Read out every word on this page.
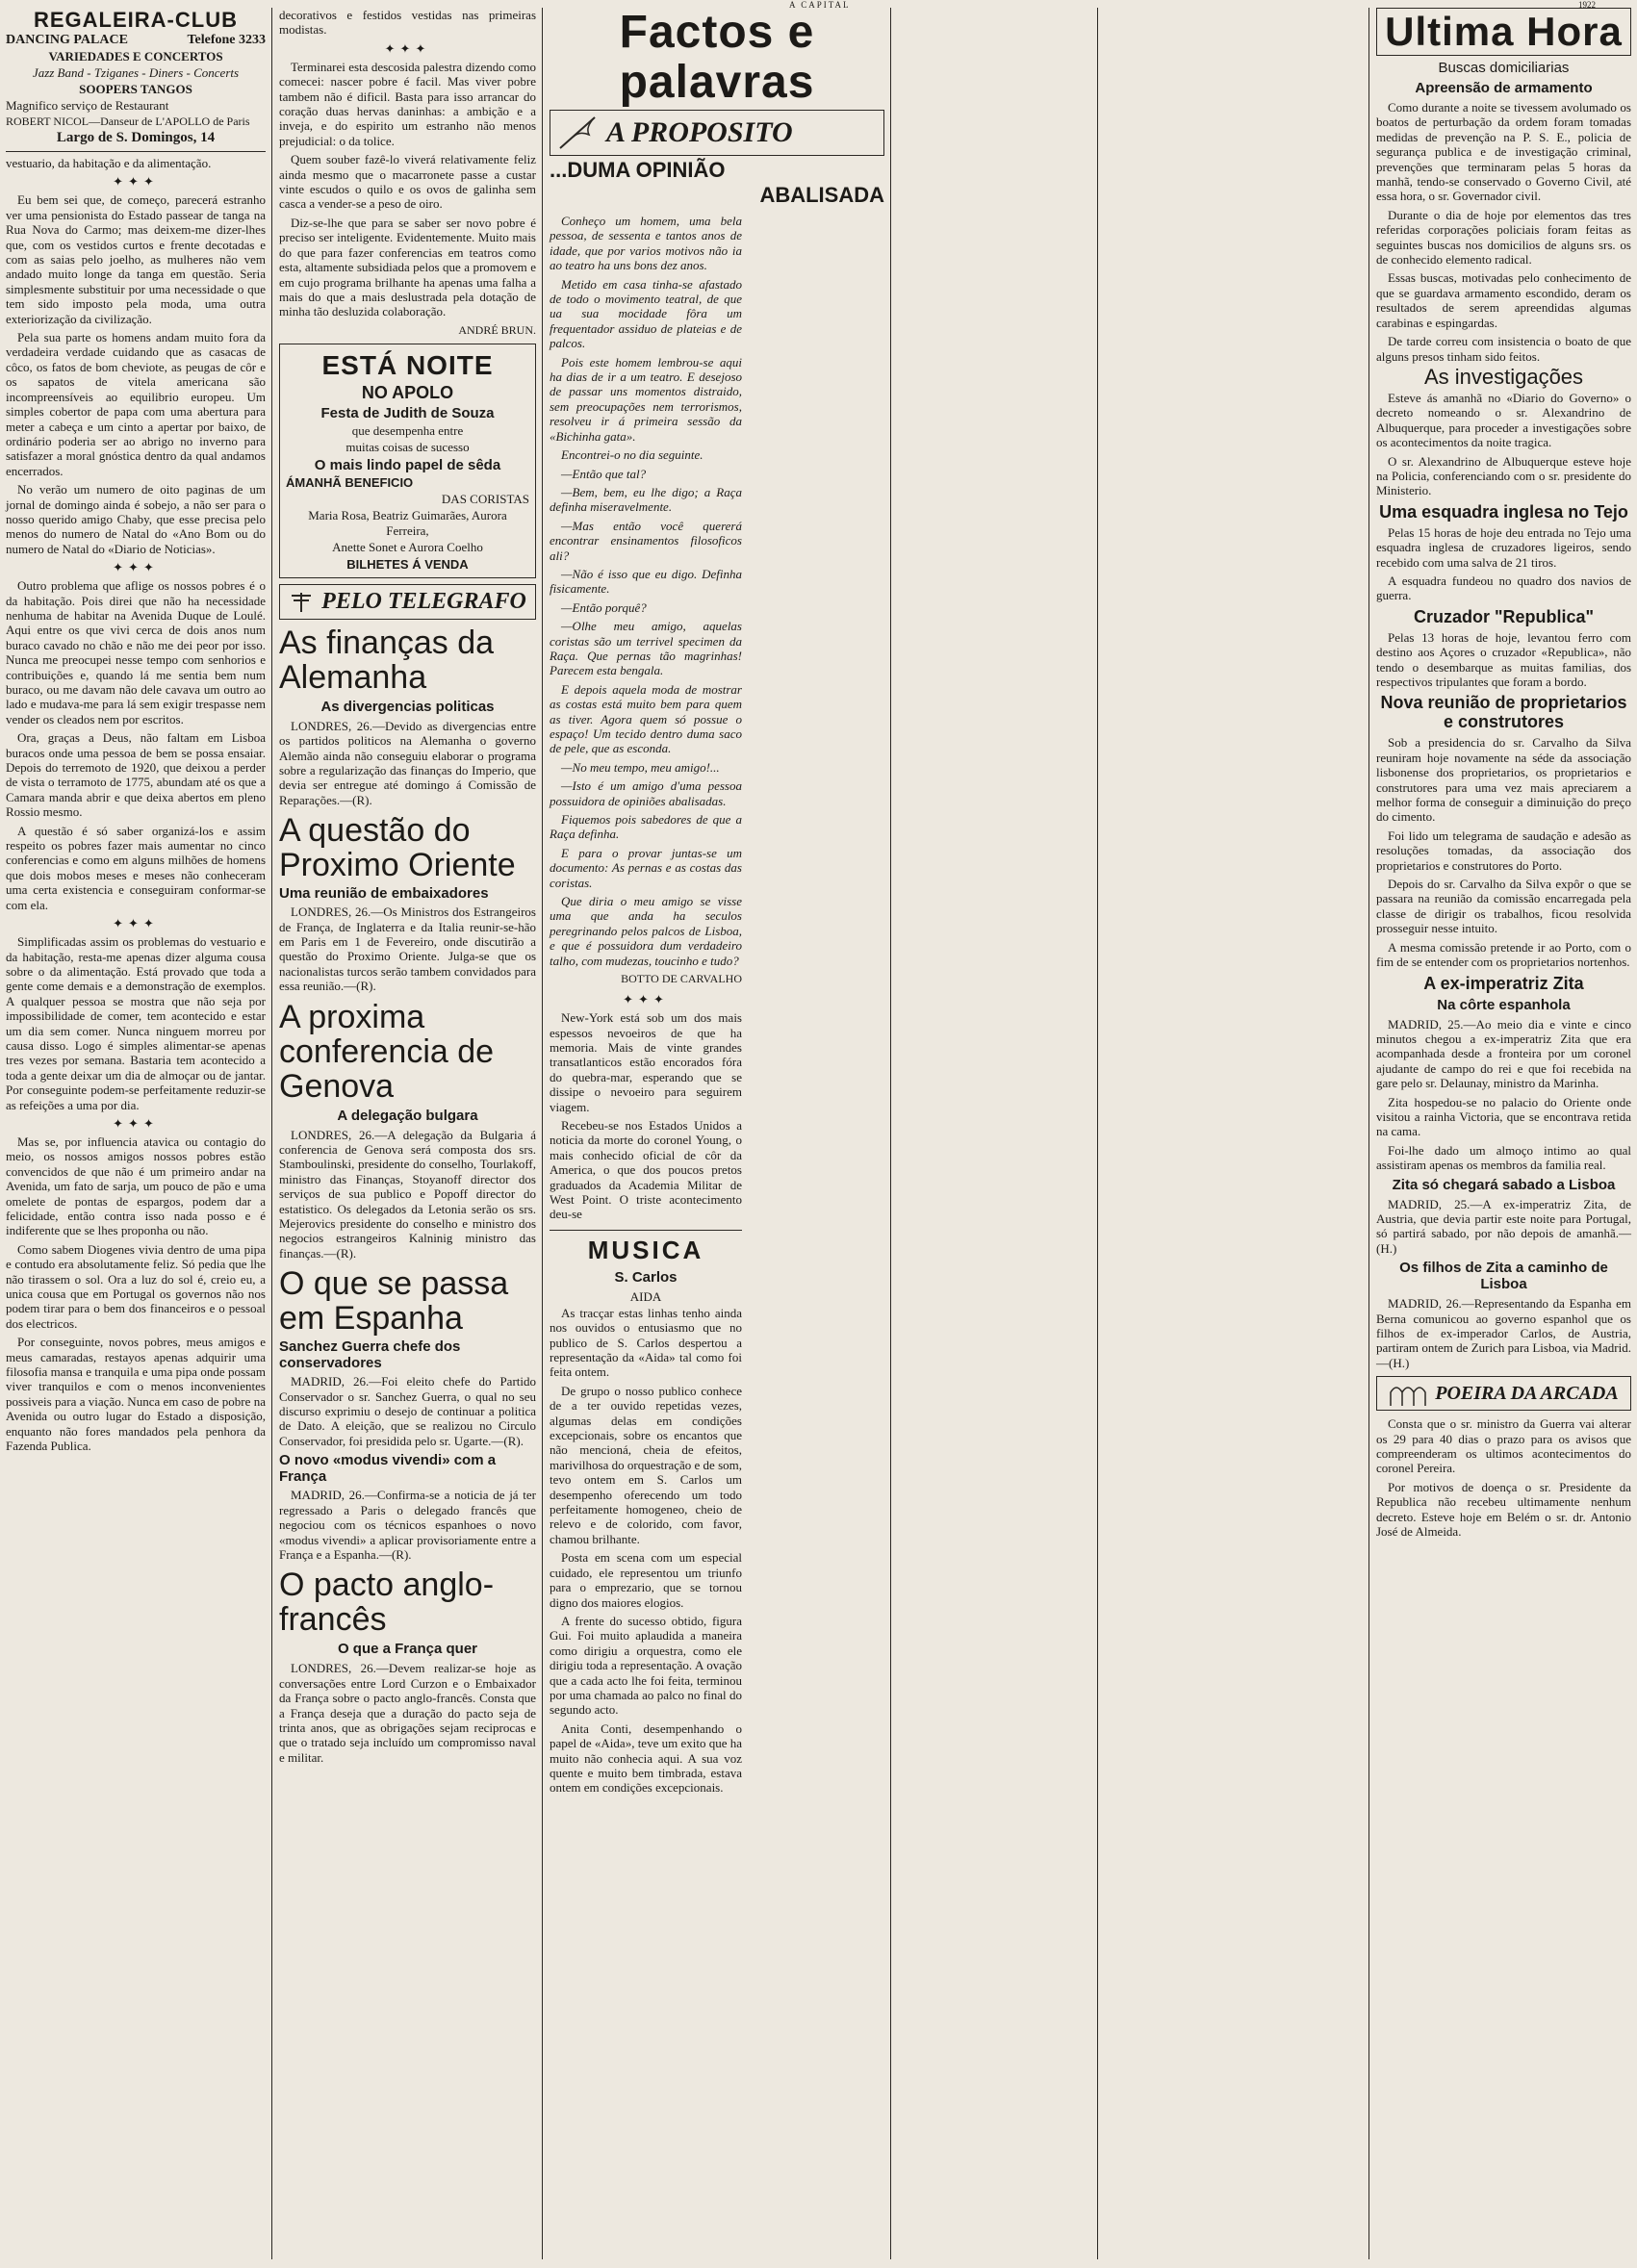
A CAPITAL	1922
REGALEIRA-CLUB
DANCING PALACE	Telefone 3233
VARIEDADES E CONCERTOS
Jazz Band - Tziganes - Diners - Concerts
SOOPERS TANGOS
Magnifico serviço de Restaurant
ROBERT NICOL—Danseur de L'APOLLO de Paris
Largo de S. Domingos, 14

vestuario, da habitação e da alimentação.

✦✦✦

Eu bem sei que, de começo, parecerá estranho ver uma pensionista do Estado passear de tanga na Rua Nova do Carmo; mas deixem-me dizer-lhes que, com os vestidos curtos e frente decotadas e com as saias pelo joelho, as mulheres não vem andado muito longe da tanga em questão. Seria simplesmente substituir por uma necessidade o que tem sido imposto pela moda, uma outra exteriorização da civilização.

Pela sua parte os homens andam muito fora da verdadeira verdade cuidando que as casacas de côco, os fatos de bom cheviote, as peugas de côr e os sapatos de vitela americana são incompreensíveis ao equilibrio europeu. Um simples cobertor de papa com uma abertura para meter a cabeça e um cinto a apertar por baixo, de ordinário poderia ser ao abrigo no inverno para satisfazer a moral gnóstica dentro da qual andamos encerrados.

No verão um numero de oito paginas de um jornal de domingo ainda é sobejo, a não ser para o nosso querido amigo Chaby, que esse precisa pelo menos do numero de Natal do «Ano Bom ou do numero de Natal do «Diario de Noticias».

✦✦✦

Outro problema que aflige os nossos pobres é o da habitação. Pois direi que não ha necessidade nenhuma de habitar na Avenida Duque de Loulé. Aqui entre os que vivi cerca de dois anos num buraco cavado no chão e não me dei peor por isso. Nunca me preocupei nesse tempo com senhorios e contribuições e, quando lá me sentia bem num buraco, ou me davam não dele cavava um outro ao lado e mudava-me para lá sem exigir trespasse nem vender os cleados nem por escritos.

Ora, graças a Deus, não faltam em Lisboa buracos onde uma pessoa de bem se possa ensaiar. Depois do terremoto de 1920, que deixou a perder de vista o terramoto de 1775, abundam até os que a Camara manda abrir e que deixa abertos em pleno Rossio mesmo.

A questão é só saber organizá-los e assim respeito os pobres fazer mais aumentar no cinco conferencias e como em alguns milhões de homens que dois mobos meses e meses não conheceram uma certa existencia e conseguiram conformar-se com ela.

✦✦✦

Simplificadas assim os problemas do vestuario e da habitação, resta-me apenas dizer alguma cousa sobre o da alimentação. Está provado que toda a gente come demais e a demonstração de exemplos. A qualquer pessoa se mostra que não seja por impossibilidade de comer, tem acontecido e estar um dia sem comer. Nunca ninguem morreu por causa disso. Logo é simples alimentar-se apenas tres vezes por semana. Bastaria tem acontecido a toda a gente deixar um dia de almoçar ou de jantar. Por conseguinte podem-se perfeitamente reduzir-se as refeições a uma por dia.

✦✦✦

Mas se, por influencia atavica ou contagio do meio, os nossos amigos nossos pobres estão convencidos de que não é um primeiro andar na Avenida, um fato de sarja, um pouco de pão e uma omelete de pontas de espargos, podem dar a felicidade, então contra isso nada posso e é indiferente que se lhes proponha ou não.

Como sabem Diogenes vivia dentro de uma pipa e contudo era absolutamente feliz. Só pedia que lhe não tirassem o sol. Ora a luz do sol é, creio eu, a unica cousa que em Portugal os governos não nos podem tirar para o bem dos financeiros e o pessoal dos electricos.

Por conseguinte, novos pobres, meus amigos e meus camaradas, restayos apenas adquirir uma filosofia mansa e tranquila e uma pipa onde possam viver tranquilos e com o menos inconvenientes possiveis para a viação. Nunca em caso de pobre na Avenida ou outro lugar do Estado a disposição, enquanto não fores mandados pela penhora da Fazenda Publica.

decorativos e festidos vestidas nas primeiras modistas.

✦✦✦

Terminarei esta descosida palestra dizendo como comecei: nascer pobre é facil. Mas viver pobre tambem não é dificil. Basta para isso arrancar do coração duas hervas daninhas: a ambição e a inveja, e do espirito um estranho não menos prejudicial: o da tolice.

Quem souber fazê-lo viverá relativamente feliz ainda mesmo que o macarronete passe a custar vinte escudos o quilo e os ovos de galinha sem casca a vender-se a peso de oiro.

Diz-se-lhe que para se saber ser novo pobre é preciso ser inteligente. Evidentemente. Muito mais do que para fazer conferencias em teatros como esta, altamente subsidiada pelos que a promovem e em cujo programa brilhante ha apenas uma falha a mais do que a mais deslustrada pela dotação de minha tão desluzida colaboração.

ANDRÉ BRUN.
ESTÁ NOITE
NO APOLO
Festa de Judith de Souza
que desempenha entre
muitas coisas de sucesso
O mais lindo papel de sêda
ÁMANHÃ BENEFICIO
DAS CORISTAS
Maria Rosa, Beatriz Guimarães, Aurora Ferreira,
Anette Sonet e Aurora Coelho
BILHETES Á VENDA
PELO TELEGRAFO
As finanças da Alemanha
As divergencias politicas

LONDRES, 26.—Devido as divergencias entre os partidos politicos na Alemanha o governo Alemão ainda não conseguiu elaborar o programa sobre a regularização das finanças do Imperio, que devia ser entregue até domingo á Comissão de Reparações.—(R).

A questão do Proximo Oriente
Uma reunião de embaixadores

LONDRES, 26.—Os Ministros dos Estrangeiros de França, de Inglaterra e da Italia reunir-se-hão em Paris em 1 de Fevereiro, onde discutirão a questão do Proximo Oriente. Julga-se que os nacionalistas turcos serão tambem convidados para essa reunião.—(R).

A proxima conferencia de Genova
A delegação bulgara

LONDRES, 26.—A delegação da Bulgaria á conferencia de Genova será composta dos srs. Stamboulinski, presidente do conselho, Tourlakoff, ministro das Finanças, Stoyanoff director dos serviços de sua publico e Popoff director do estatistico. Os delegados da Letonia serão os srs. Mejerovics presidente do conselho e ministro dos negocios estrangeiros Kalninig ministro das finanças.—(R).

O que se passa em Espanha
Sanchez Guerra chefe dos conservadores

MADRID, 26.—Foi eleito chefe do Partido Conservador o sr. Sanchez Guerra, o qual no seu discurso exprimiu o desejo de continuar a politica de Dato. A eleição, que se realizou no Circulo Conservador, foi presidida pelo sr. Ugarte.—(R).

O novo «modus vivendi» com a França

MADRID, 26.—Confirma-se a noticia de já ter regressado a Paris o delegado francês que negociou com os técnicos espanhoes o novo «modus vivendi» a aplicar provisoriamente entre a França e a Espanha.—(R).

O pacto anglo-francês
O que a França quer

LONDRES, 26.—Devem realizar-se hoje as conversações entre Lord Curzon e o Embaixador da França sobre o pacto anglo-francês. Consta que a França deseja que a duração do pacto seja de trinta anos, que as obrigações sejam reciprocas e que o tratado seja incluído um compromisso naval e militar.

Factos e palavras
A PROPOSITO
...DUMA OPINIÃO
ABALISADA

Conheço um homem, uma bela pessoa, de sessenta e tantos anos de idade, que por varios motivos não ia ao teatro ha uns bons dez anos.

Metido em casa tinha-se afastado de todo o movimento teatral, de que ua sua mocidade fôra um frequentador assiduo de plateias e de palcos.

Pois este homem lembrou-se aqui ha dias de ir a um teatro. E desejoso de passar uns momentos distraido, sem preocupações nem terrorismos, resolveu ir á primeira sessão da «Bichinha gata».

Encontrei-o no dia seguinte.

—Então que tal?

—Bem, bem, eu lhe digo; a Raça definha miseravelmente.

—Mas então você quererá encontrar ensinamentos filosoficos ali?

—Não é isso que eu digo. Definha fisicamente.

—Então porquê?

—Olhe meu amigo, aquelas coristas são um terrivel specimen da Raça. Que pernas tão magrinhas! Parecem esta bengala.

E depois aquela moda de mostrar as costas está muito bem para quem as tiver. Agora quem só possue o espaço! Um tecido dentro duma saco de pele, que as esconda.

—No meu tempo, meu amigo!...

—Isto é um amigo d'uma pessoa possuidora de opiniões abalisadas.

Fiquemos pois sabedores de que a Raça definha.

E para o provar juntas-se um documento: As pernas e as costas das coristas.

Que diria o meu amigo se visse uma que anda ha seculos peregrinando pelos palcos de Lisboa, e que é possuidora dum verdadeiro talho, com mudezas, toucinho e tudo?

BOTTO DE CARVALHO
✦✦✦

New-York está sob um dos mais espessos nevoeiros de que ha memoria. Mais de vinte grandes transatlanticos estão encorados fóra do quebra-mar, esperando que se dissipe o nevoeiro para seguirem viagem.

Recebeu-se nos Estados Unidos a noticia da morte do coronel Young, o mais conhecido oficial de côr da America, o que dos poucos pretos graduados da Academia Militar de West Point. O triste acontecimento deu-se

MUSICA
S. Carlos
AIDA

As tracçar estas linhas tenho ainda nos ouvidos o entusiasmo que no publico de S. Carlos despertou a representação da «Aida» tal como foi feita ontem.

De grupo o nosso publico conhece de a ter ouvido repetidas vezes, algumas delas em condições excepcionais, sobre os encantos que não mencioná, cheia de efeitos, marivilhosa do orquestração e de som, tevo ontem em S. Carlos um desempenho oferecendo um todo perfeitamente homogeneo, cheio de relevo e de colorido, com favor, chamou brilhante.

Posta em scena com um especial cuidado, ele representou um triunfo para o emprezario, que se tornou digno dos maiores elogios.

A frente do sucesso obtido, figura Gui. Foi muito aplaudida a maneira como dirigiu a orquestra, como ele dirigiu toda a representação. A ovação que a cada acto lhe foi feita, terminou por uma chamada ao palco no final do segundo acto.

Anita Conti, desempenhando o papel de «Aida», teve um exito que ha muito não conhecia aqui. A sua voz quente e muito bem timbrada, estava ontem em condições excepcionais.

Ultima Hora
Buscas domiciliarias
Apreensão de armamento

Como durante a noite se tivessem avolumado os boatos de perturbação da ordem foram tomadas medidas de prevenção na P. S. E., policia de segurança publica e de investigação criminal, prevenções que terminaram pelas 5 horas da manhã, tendo-se conservado o Governo Civil, até essa hora, o sr. Governador civil.

Durante o dia de hoje por elementos das tres referidas corporações policiais foram feitas as seguintes buscas nos domicilios de alguns srs. os de conhecido elemento radical.

Essas buscas, motivadas pelo conhecimento de que se guardava armamento escondido, deram os resultados de serem apreendidas algumas carabinas e espingardas.

De tarde correu com insistencia o boato de que alguns presos tinham sido feitos.

As investigações

Esteve ás amanhã no «Diario do Governo» o decreto nomeando o sr. Alexandrino de Albuquerque, para proceder a investigações sobre os acontecimentos da noite tragica.

O sr. Alexandrino de Albuquerque esteve hoje na Policia, conferenciando com o sr. presidente do Ministerio.

Uma esquadra inglesa no Tejo

Pelas 15 horas de hoje deu entrada no Tejo uma esquadra inglesa de cruzadores ligeiros, sendo recebido com uma salva de 21 tiros.

A esquadra fundeou no quadro dos navios de guerra.

Cruzador "Republica"

Pelas 13 horas de hoje, levantou ferro com destino aos Açores o cruzador «Republica», não tendo o desembarque as muitas familias, dos respectivos tripulantes que foram a bordo.

Nova reunião de proprietarios e construtores

Sob a presidencia do sr. Carvalho da Silva reuniram hoje novamente na séde da associação lisbonense dos proprietarios, os proprietarios e construtores para uma vez mais apreciarem a melhor forma de conseguir a diminuição do preço do cimento.

Foi lido um telegrama de saudação e adesão as resoluções tomadas, da associação dos proprietarios e construtores do Porto.

Depois do sr. Carvalho da Silva expôr o que se passara na reunião da comissão encarregada pela classe de dirigir os trabalhos, ficou resolvida prosseguir nesse intuito.

A mesma comissão pretende ir ao Porto, com o fim de se entender com os proprietarios nortenhos.

A ex-imperatriz Zita
Na côrte espanhola

MADRID, 25.—Ao meio dia e vinte e cinco minutos chegou a ex-imperatriz Zita que era acompanhada desde a fronteira por um coronel ajudante de campo do rei e que foi recebida na gare pelo sr. Delaunay, ministro da Marinha.

Zita hospedou-se no palacio do Oriente onde visitou a rainha Victoria, que se encontrava retida na cama.

Foi-lhe dado um almoço intimo ao qual assistiram apenas os membros da familia real.

Zita só chegará sabado a Lisboa

MADRID, 25.—A ex-imperatriz Zita, de Austria, que devia partir este noite para Portugal, só partirá sabado, por não depois de amanhã.—(H.)

Os filhos de Zita a caminho de Lisboa

MADRID, 26.—Representando da Espanha em Berna comunicou ao governo espanhol que os filhos de ex-imperador Carlos, de Austria, partiram ontem de Zurich para Lisboa, via Madrid.—(H.)

POEIRA DA ARCADA

Consta que o sr. ministro da Guerra vai alterar os 29 para 40 dias o prazo para os avisos que compreenderam os ultimos acontecimentos do coronel Pereira.

Por motivos de doença o sr. Presidente da Republica não recebeu ultimamente nenhum decreto. Esteve hoje em Belém o sr. dr. Antonio José de Almeida.
